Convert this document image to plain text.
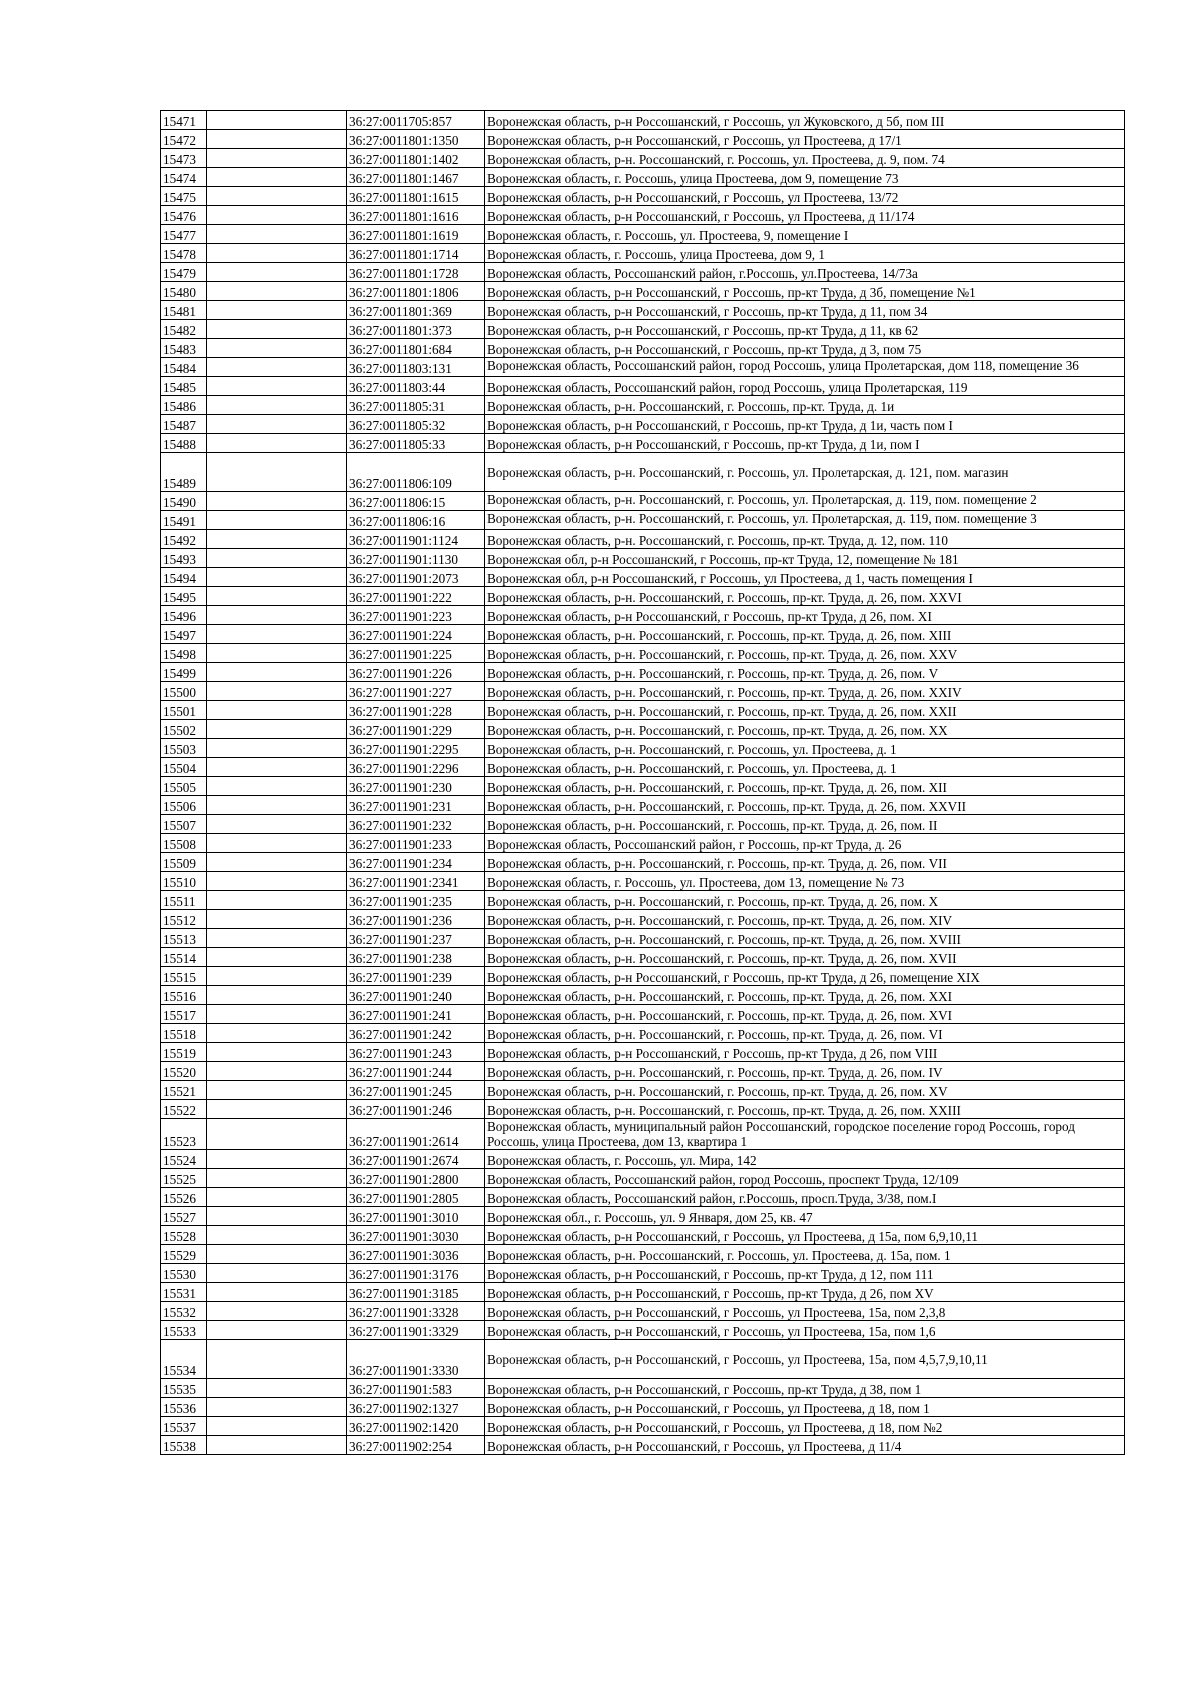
15471		36:27:0011705:857	Воронежская область, р-н Россошанский, г Россошь, ул Жуковского, д 5б, пом III
15472		36:27:0011801:1350	Воронежская область, р-н Россошанский, г Россошь, ул Простеева, д 17/1
15473		36:27:0011801:1402	Воронежская область, р-н. Россошанский, г. Россошь, ул. Простеева, д. 9, пом. 74
15474		36:27:0011801:1467	Воронежская область, г. Россошь, улица Простеева, дом 9, помещение 73
15475		36:27:0011801:1615	Воронежская область, р-н Россошанский, г Россошь, ул Простеева, 13/72
15476		36:27:0011801:1616	Воронежская область, р-н Россошанский, г Россошь, ул Простеева, д 11/174
15477		36:27:0011801:1619	Воронежская область, г. Россошь, ул. Простеева, 9, помещение I
15478		36:27:0011801:1714	Воронежская область, г. Россошь, улица Простеева, дом 9, 1
15479		36:27:0011801:1728	Воронежская область, Россошанский район, г.Россошь, ул.Простеева, 14/73а
15480		36:27:0011801:1806	Воронежская область, р-н Россошанский, г Россошь, пр-кт Труда, д 3б, помещение №1
15481		36:27:0011801:369	Воронежская область, р-н Россошанский, г Россошь, пр-кт Труда, д 11, пом 34
15482		36:27:0011801:373	Воронежская область, р-н Россошанский, г Россошь, пр-кт Труда, д 11, кв 62
15483		36:27:0011801:684	Воронежская область, р-н Россошанский, г Россошь, пр-кт Труда, д 3, пом 75
15484		36:27:0011803:131	Воронежская область, Россошанский район, город Россошь, улица Пролетарская, дом 118, помещение 36
15485		36:27:0011803:44	Воронежская область, Россошанский район, город Россошь, улица Пролетарская, 119
15486		36:27:0011805:31	Воронежская область, р-н. Россошанский, г. Россошь, пр-кт. Труда, д. 1и
15487		36:27:0011805:32	Воронежская область, р-н Россошанский, г Россошь, пр-кт Труда, д 1и, часть пом I
15488		36:27:0011805:33	Воронежская область, р-н Россошанский, г Россошь, пр-кт Труда, д 1и, пом I
15489		36:27:0011806:109	Воронежская область, р-н. Россошанский, г. Россошь, ул. Пролетарская, д. 121, пом. магазин
15490		36:27:0011806:15	Воронежская область, р-н. Россошанский, г. Россошь, ул. Пролетарская, д. 119, пом. помещение 2
15491		36:27:0011806:16	Воронежская область, р-н. Россошанский, г. Россошь, ул. Пролетарская, д. 119, пом. помещение 3
15492		36:27:0011901:1124	Воронежская область, р-н. Россошанский, г. Россошь, пр-кт. Труда, д. 12, пом. 110
15493		36:27:0011901:1130	Воронежская обл, р-н Россошанский, г Россошь, пр-кт Труда, 12, помещение № 181
15494		36:27:0011901:2073	Воронежская обл, р-н Россошанский, г Россошь, ул Простеева, д 1, часть помещения I
15495		36:27:0011901:222	Воронежская область, р-н. Россошанский, г. Россошь, пр-кт. Труда, д. 26, пом. XXVI
15496		36:27:0011901:223	Воронежская область, р-н Россошанский, г Россошь, пр-кт Труда, д 26, пом. XI
15497		36:27:0011901:224	Воронежская область, р-н. Россошанский, г. Россошь, пр-кт. Труда, д. 26, пом. XIII
15498		36:27:0011901:225	Воронежская область, р-н. Россошанский, г. Россошь, пр-кт. Труда, д. 26, пом. XXV
15499		36:27:0011901:226	Воронежская область, р-н. Россошанский, г. Россошь, пр-кт. Труда, д. 26, пом. V
15500		36:27:0011901:227	Воронежская область, р-н. Россошанский, г. Россошь, пр-кт. Труда, д. 26, пом. XXIV
15501		36:27:0011901:228	Воронежская область, р-н. Россошанский, г. Россошь, пр-кт. Труда, д. 26, пом. XXII
15502		36:27:0011901:229	Воронежская область, р-н. Россошанский, г. Россошь, пр-кт. Труда, д. 26, пом. XX
15503		36:27:0011901:2295	Воронежская область, р-н. Россошанский, г. Россошь, ул. Простеева, д. 1
15504		36:27:0011901:2296	Воронежская область, р-н. Россошанский, г. Россошь, ул. Простеева, д. 1
15505		36:27:0011901:230	Воронежская область, р-н. Россошанский, г. Россошь, пр-кт. Труда, д. 26, пом. XII
15506		36:27:0011901:231	Воронежская область, р-н. Россошанский, г. Россошь, пр-кт. Труда, д. 26, пом. XXVII
15507		36:27:0011901:232	Воронежская область, р-н. Россошанский, г. Россошь, пр-кт. Труда, д. 26, пом. II
15508		36:27:0011901:233	Воронежская область, Россошанский район, г Россошь, пр-кт Труда, д. 26
15509		36:27:0011901:234	Воронежская область, р-н. Россошанский, г. Россошь, пр-кт. Труда, д. 26, пом. VII
15510		36:27:0011901:2341	Воронежская область, г. Россошь, ул. Простеева, дом 13, помещение № 73
15511		36:27:0011901:235	Воронежская область, р-н. Россошанский, г. Россошь, пр-кт. Труда, д. 26, пом. X
15512		36:27:0011901:236	Воронежская область, р-н. Россошанский, г. Россошь, пр-кт. Труда, д. 26, пом. XIV
15513		36:27:0011901:237	Воронежская область, р-н. Россошанский, г. Россошь, пр-кт. Труда, д. 26, пом. XVIII
15514		36:27:0011901:238	Воронежская область, р-н. Россошанский, г. Россошь, пр-кт. Труда, д. 26, пом. XVII
15515		36:27:0011901:239	Воронежская область, р-н Россошанский, г Россошь, пр-кт Труда, д 26, помещение XIX
15516		36:27:0011901:240	Воронежская область, р-н. Россошанский, г. Россошь, пр-кт. Труда, д. 26, пом. XXI
15517		36:27:0011901:241	Воронежская область, р-н. Россошанский, г. Россошь, пр-кт. Труда, д. 26, пом. XVI
15518		36:27:0011901:242	Воронежская область, р-н. Россошанский, г. Россошь, пр-кт. Труда, д. 26, пом. VI
15519		36:27:0011901:243	Воронежская область, р-н Россошанский, г Россошь, пр-кт Труда, д 26, пом VIII
15520		36:27:0011901:244	Воронежская область, р-н. Россошанский, г. Россошь, пр-кт. Труда, д. 26, пом. IV
15521		36:27:0011901:245	Воронежская область, р-н. Россошанский, г. Россошь, пр-кт. Труда, д. 26, пом. XV
15522		36:27:0011901:246	Воронежская область, р-н. Россошанский, г. Россошь, пр-кт. Труда, д. 26, пом. XXIII
15523		36:27:0011901:2614	Воронежская область, муниципальный район Россошанский, городское поселение город Россошь, город Россошь, улица Простеева, дом 13, квартира 1
15524		36:27:0011901:2674	Воронежская область, г. Россошь, ул. Мира, 142
15525		36:27:0011901:2800	Воронежская область, Россошанский район, город Россошь, проспект Труда, 12/109
15526		36:27:0011901:2805	Воронежская область, Россошанский район, г.Россошь, просп.Труда, 3/38, пом.I
15527		36:27:0011901:3010	Воронежская обл., г. Россошь, ул. 9 Января, дом 25, кв. 47
15528		36:27:0011901:3030	Воронежская область, р-н Россошанский, г Россошь, ул Простеева, д 15а, пом 6,9,10,11
15529		36:27:0011901:3036	Воронежская область, р-н. Россошанский, г. Россошь, ул. Простеева, д. 15а, пом. 1
15530		36:27:0011901:3176	Воронежская область, р-н Россошанский, г Россошь, пр-кт Труда, д 12, пом 111
15531		36:27:0011901:3185	Воронежская область, р-н Россошанский, г Россошь, пр-кт Труда, д 26, пом XV
15532		36:27:0011901:3328	Воронежская область, р-н Россошанский, г Россошь, ул Простеева, 15а, пом 2,3,8
15533		36:27:0011901:3329	Воронежская область, р-н Россошанский, г Россошь, ул Простеева, 15а, пом 1,6
15534		36:27:0011901:3330	Воронежская область, р-н Россошанский, г Россошь, ул Простеева, 15а, пом 4,5,7,9,10,11
15535		36:27:0011901:583	Воронежская область, р-н Россошанский, г Россошь, пр-кт Труда, д 38, пом 1
15536		36:27:0011902:1327	Воронежская область, р-н Россошанский, г Россошь, ул Простеева, д 18, пом 1
15537		36:27:0011902:1420	Воронежская область, р-н Россошанский, г Россошь, ул Простеева, д 18, пом №2
15538		36:27:0011902:254	Воронежская область, р-н Россошанский, г Россошь, ул Простеева, д 11/4
